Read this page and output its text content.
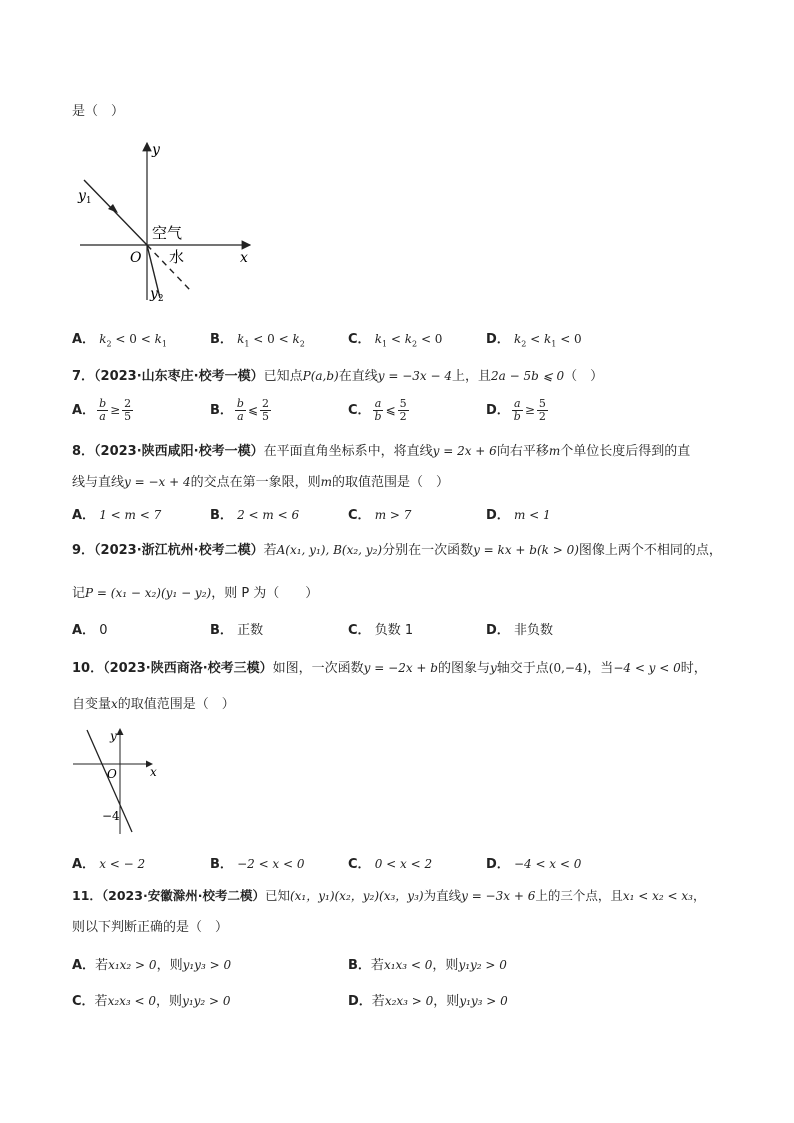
是（　）
y
x
O
$y_1$
$y_2$
空气
水
A． $k_2 < 0 < k_1$	B． $k_1 < 0 < k_2$	C． $k_1 < k_2 < 0$	D． $k_2 < k_1 < 0$
7．（2023·山东枣庄·校考一模）已知点P(a,b)在直线y = −3x − 4上，且2a − 5b ⩽ 0（　）
A． $\frac{b}{a} \ge \frac{2}{5}$	B． $\frac{b}{a}$ ⩽ $\frac{2}{5}$	C． $\frac{a}{b}$ ⩽ $\frac{5}{2}$	D． $\frac{a}{b} \ge \frac{5}{2}$
8．（2023·陕西咸阳·校考一模）在平面直角坐标系中，将直线y = 2x + 6向右平移m个单位长度后得到的直
线与直线y = −x + 4的交点在第一象限，则m的取值范围是（　）
A． 1 < m < 7	B． 2 < m < 6	C． m > 7	D． m < 1
9．（2023·浙江杭州·校考二模）若A(x₁, y₁), B(x₂, y₂)分别在一次函数y = kx + b(k > 0)图像上两个不相同的点，
记P = (x₁ − x₂)(y₁ − y₂)，则 P 为（　　）
A． 0	B． 正数	C． 负数 1	D． 非负数
10．（2023·陕西商洛·校考三模）如图，一次函数y = −2x + b的图象与y轴交于点(0,−4)，当−4 < y < 0时，
自变量x的取值范围是（　）
y
x
O
−4
A． x < − 2	B． −2 < x < 0	C． 0 < x < 2	D． −4 < x < 0
11．（2023·安徽滁州·校考二模）已知(x₁，y₁)(x₂，y₂)(x₃，y₃)为直线y = −3x + 6上的三个点，且x₁ < x₂ < x₃，
则以下判断正确的是（　）
A．若x₁x₂ > 0，则y₁y₃ > 0	B．若x₁x₃ < 0，则y₁y₂ > 0
C．若x₂x₃ < 0，则y₁y₂ > 0	D．若x₂x₃ > 0，则y₁y₃ > 0
